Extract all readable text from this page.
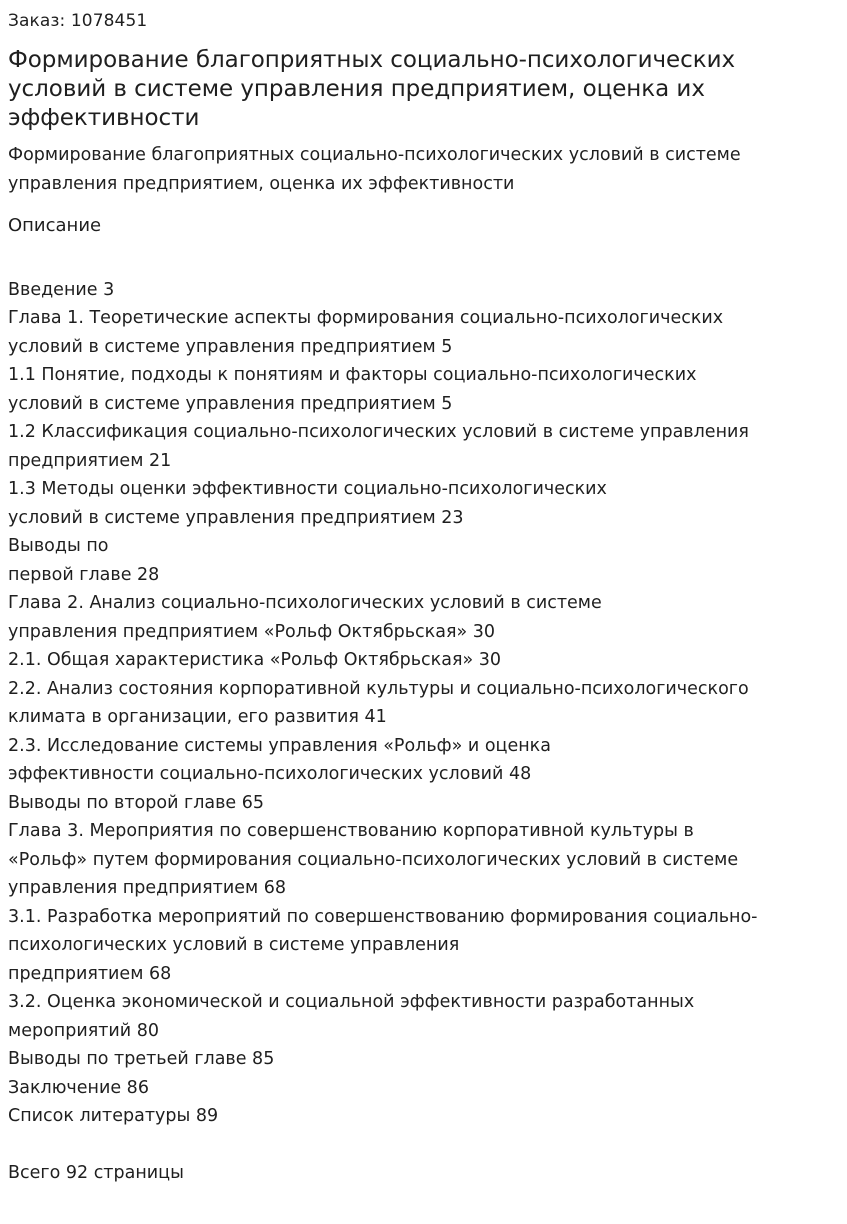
Заказ: 1078451

Формирование благоприятных социально-психологических
условий в системе управления предприятием, оценка их
эффективности

Формирование благоприятных социально-психологических условий в системе
управления предприятием, оценка их эффективности

Описание
Введение 3
Глава 1. Теоретические аспекты формирования социально-психологических
условий в системе управления предприятием 5
1.1 Понятие, подходы к понятиям и факторы социально-психологических
условий в системе управления предприятием 5
1.2 Классификация социально-психологических условий в системе управления
предприятием 21
1.3 Методы оценки эффективности социально-психологических
условий в системе управления предприятием 23
Выводы по
первой главе 28
Глава 2. Анализ социально-психологических условий в системе
управления предприятием «Рольф Октябрьская» 30
2.1. Общая характеристика «Рольф Октябрьская» 30
2.2. Анализ состояния корпоративной культуры и социально-психологического
климата в организации, его развития 41
2.3. Исследование системы управления «Рольф» и оценка
эффективности социально-психологических условий 48
Выводы по второй главе 65
Глава 3. Мероприятия по совершенствованию корпоративной культуры в
«Рольф» путем формирования социально-психологических условий в системе
управления предприятием 68
3.1. Разработка мероприятий по совершенствованию формирования социально-
психологических условий в системе управления
предприятием 68
3.2. Оценка экономической и социальной эффективности разработанных
мероприятий 80
Выводы по третьей главе 85
Заключение 86
Список литературы 89
Всего 92 страницы
